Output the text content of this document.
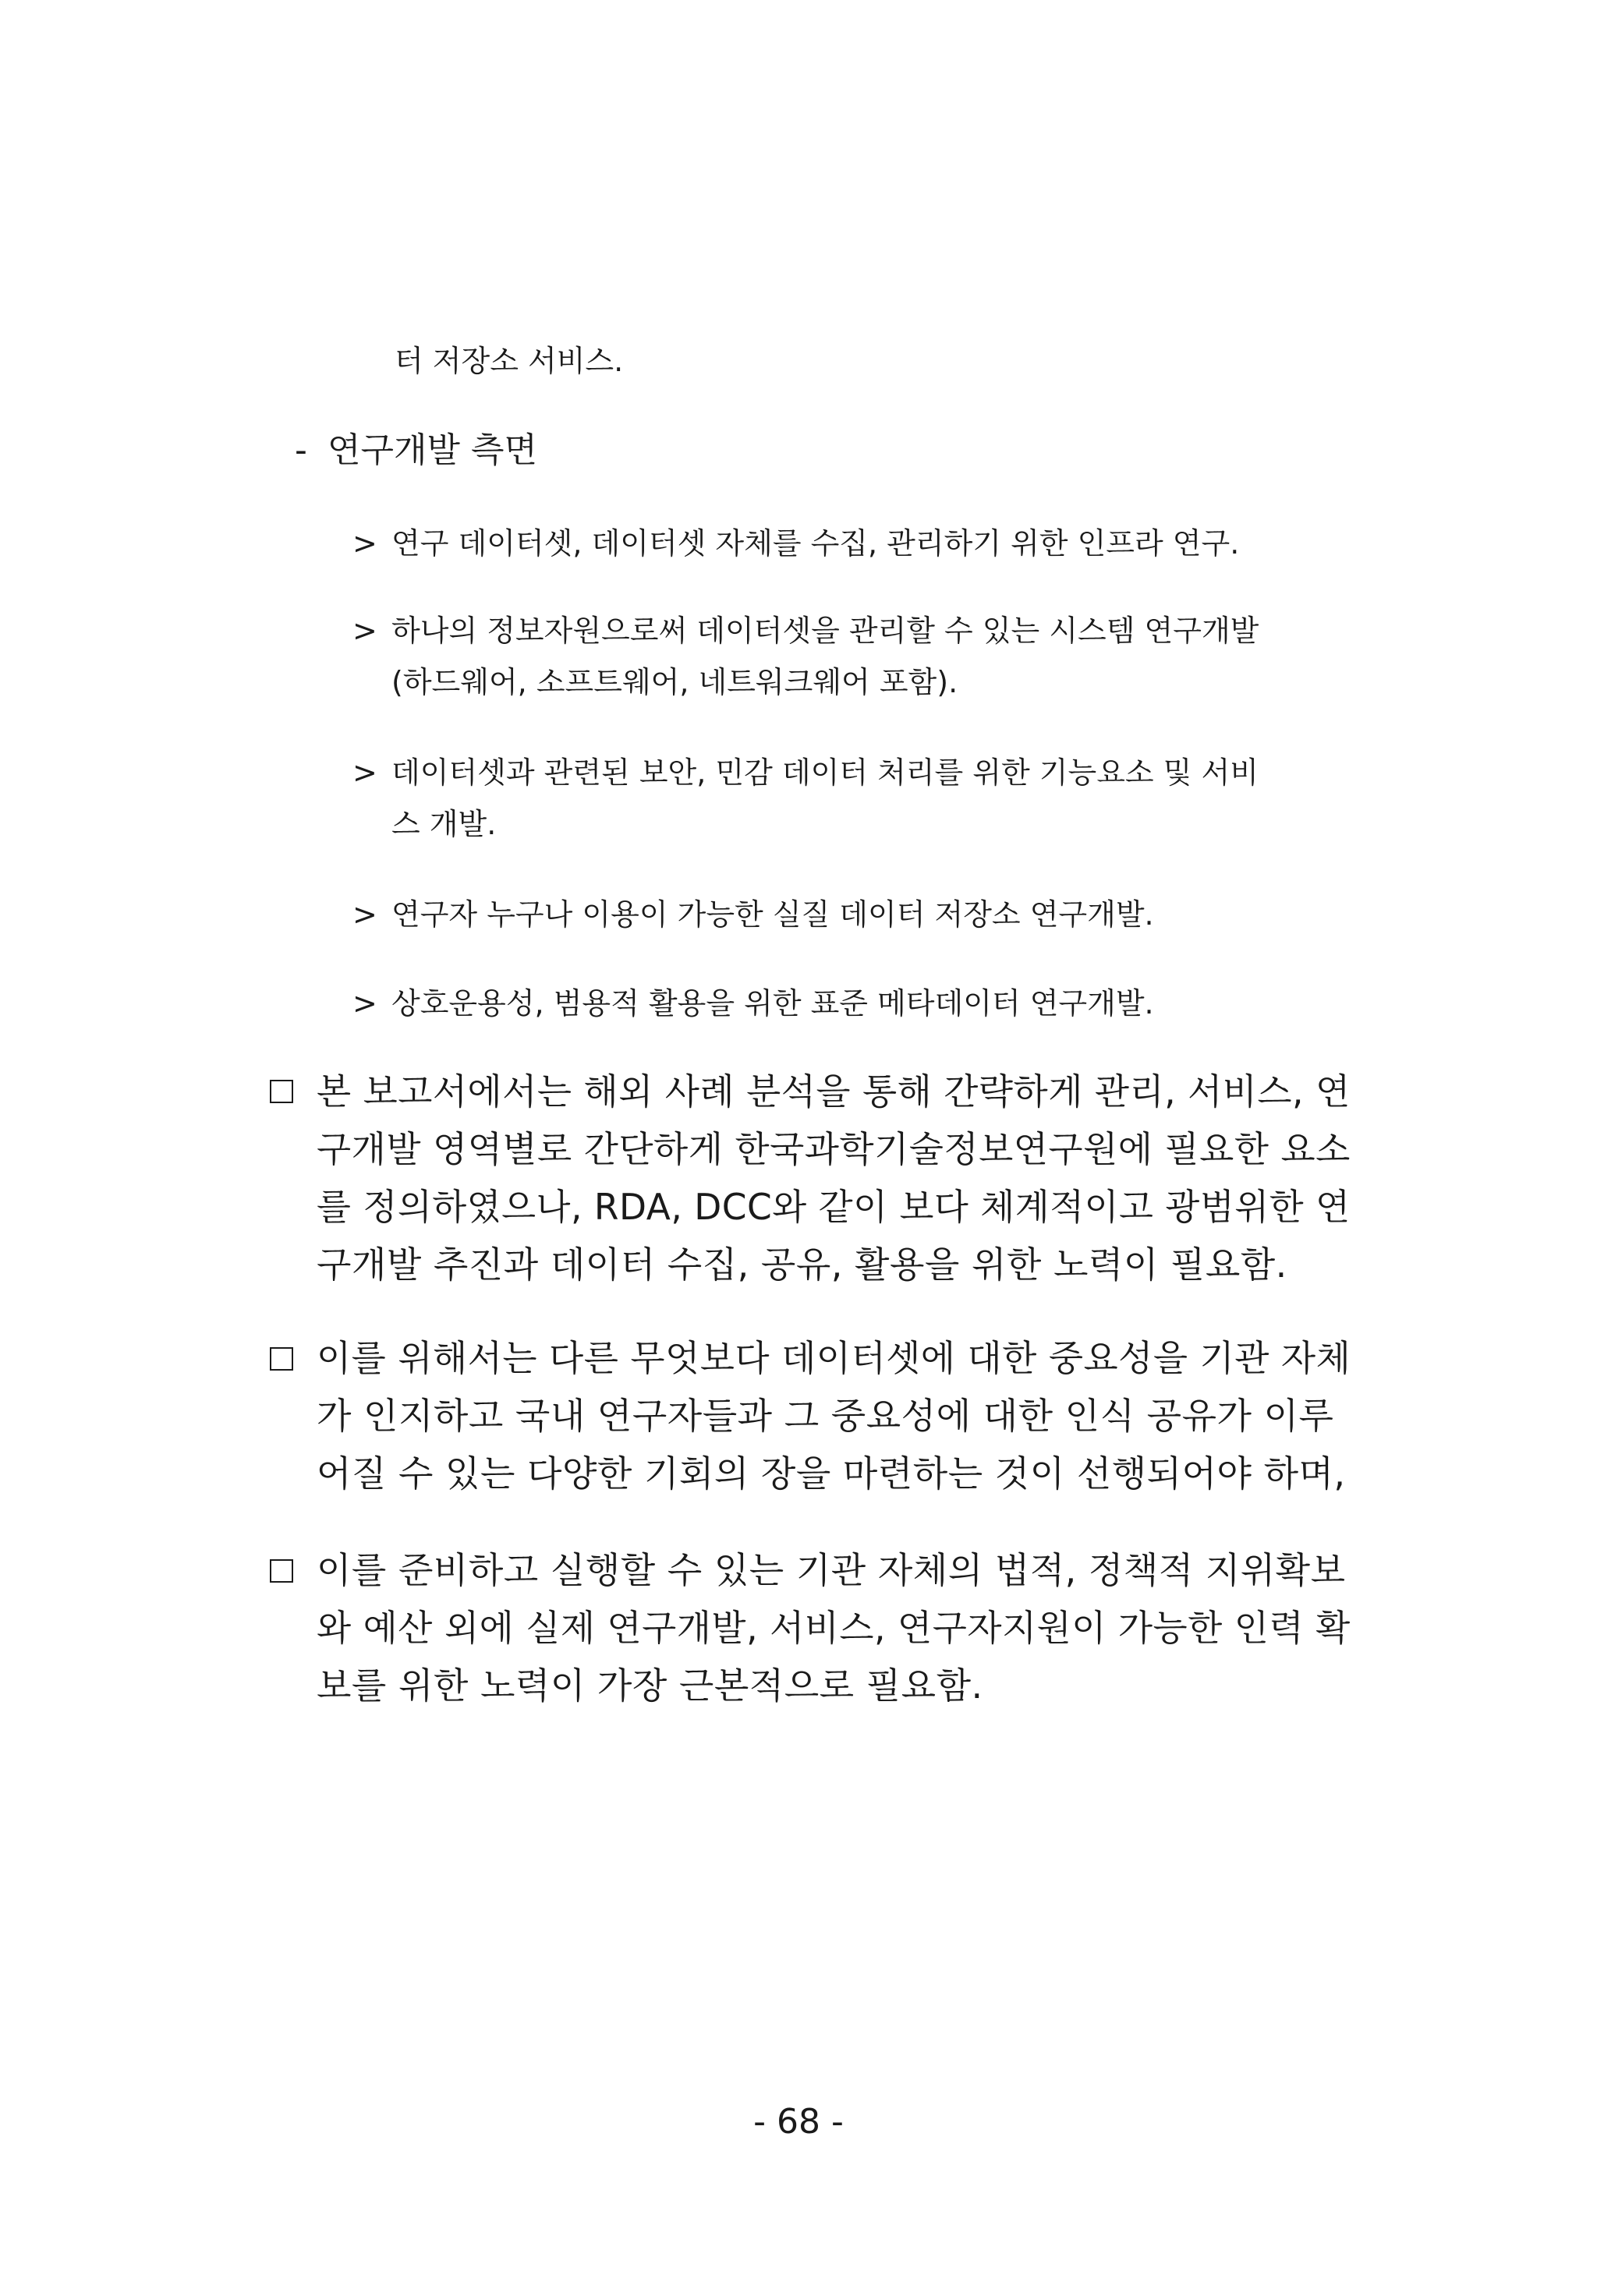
터 저장소 서비스.
- 연구개발 측면
> 연구 데이터셋, 데이터셋 자체를 수집, 관리하기 위한 인프라 연구.
> 하나의 정보자원으로써 데이터셋을 관리할 수 있는 시스템 연구개발
(하드웨어, 소프트웨어, 네트워크웨어 포함).
> 데이터셋과 관련된 보안, 민감 데이터 처리를 위한 기능요소 및 서비
스 개발.
> 연구자 누구나 이용이 가능한 실질 데이터 저장소 연구개발.
> 상호운용성, 범용적 활용을 위한 표준 메타데이터 연구개발.
본 보고서에서는 해외 사례 분석을 통해 간략하게 관리, 서비스, 연
구개발 영역별로 간단하게 한국과학기술정보연구원에 필요한 요소
를 정의하였으나, RDA, DCC와 같이 보다 체계적이고 광범위한 연
구개발 추진과 데이터 수집, 공유, 활용을 위한 노력이 필요함.
이를 위해서는 다른 무엇보다 데이터셋에 대한 중요성을 기관 자체
가 인지하고 국내 연구자들과 그 중요성에 대한 인식 공유가 이루
어질 수 있는 다양한 기회의 장을 마련하는 것이 선행되어야 하며,
이를 준비하고 실행할 수 있는 기관 자체의 법적, 정책적 지위확보
와 예산 외에 실제 연구개발, 서비스, 연구자지원이 가능한 인력 확
보를 위한 노력이 가장 근본적으로 필요함.
- 68 -
